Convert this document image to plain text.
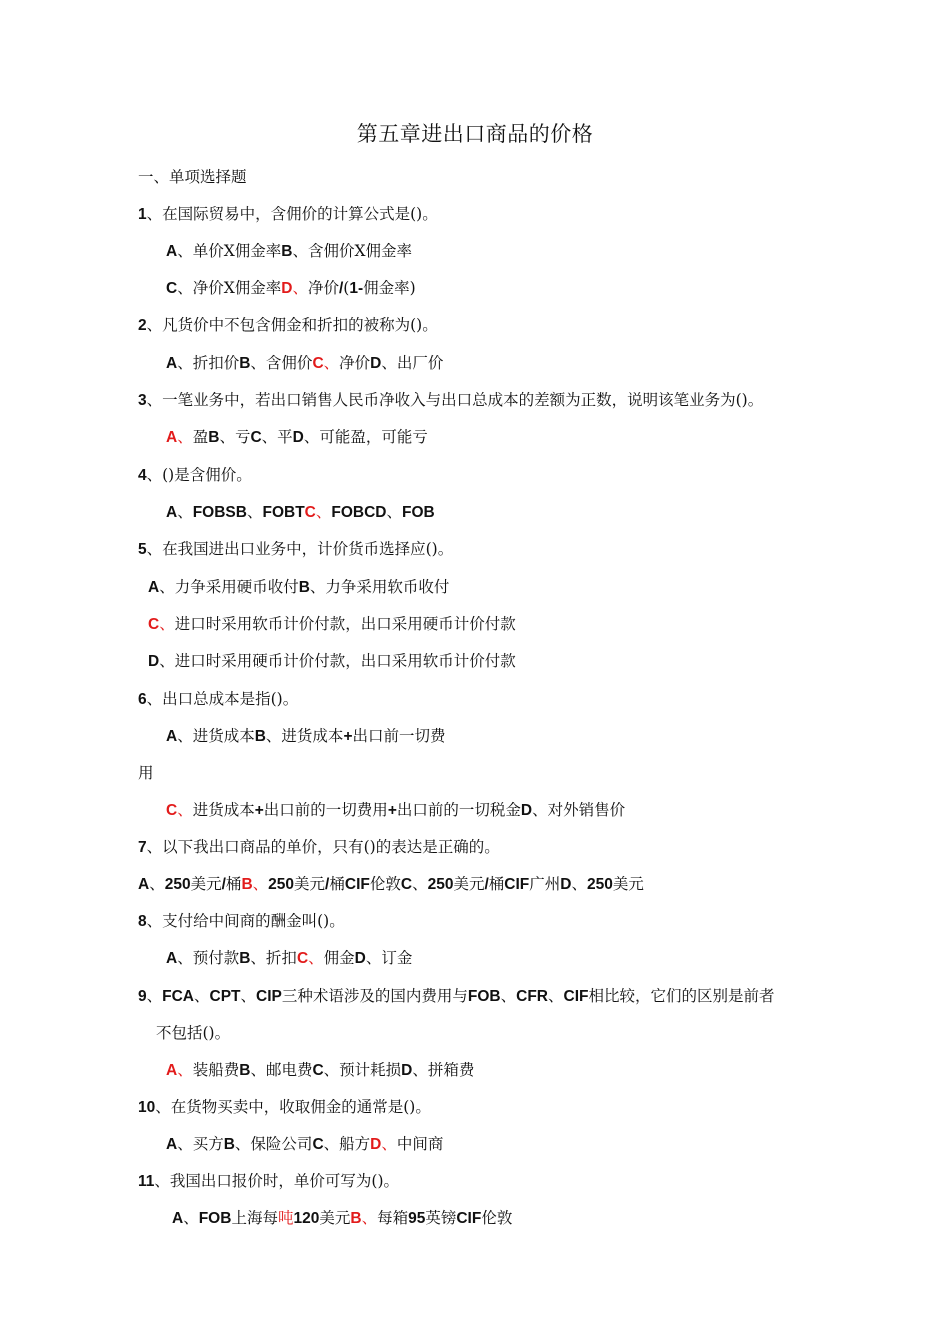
第五章进出口商品的价格
一、单项选择题
1、在国际贸易中，含佣价的计算公式是()。
A、单价X佣金率B、含佣价X佣金率
C、净价X佣金率D、净价/(1-佣金率)
2、凡货价中不包含佣金和折扣的被称为()。
A、折扣价B、含佣价C、净价D、出厂价
3、一笔业务中，若出口销售人民币净收入与出口总成本的差额为正数，说明该笔业务为()。
A、盈B、亏C、平D、可能盈，可能亏
4、()是含佣价。
A、FOBSB、FOBTC、FOBCD、FOB
5、在我国进出口业务中，计价货币选择应()。
A、力争采用硬币收付B、力争采用软币收付
C、进口时采用软币计价付款，出口采用硬币计价付款
D、进口时采用硬币计价付款，出口采用软币计价付款
6、出口总成本是指()。
A、进货成本B、进货成本+出口前一切费
用
C、进货成本+出口前的一切费用+出口前的一切税金D、对外销售价
7、以下我出口商品的单价，只有()的表达是正确的。
A、250美元/桶B、250美元/桶CIF伦敦C、250美元/桶CIF广州D、250美元
8、支付给中间商的酬金叫()。
A、预付款B、折扣C、佣金D、订金
9、FCA、CPT、CIP三种术语涉及的国内费用与FOB、CFR、CIF相比较，它们的区别是前者
不包括()。
A、装船费B、邮电费C、预计耗损D、拼箱费
10、在货物买卖中，收取佣金的通常是()。
A、买方B、保险公司C、船方D、中间商
11、我国出口报价时，单价可写为()。
A、FOB上海每吨120美元B、每箱95英镑CIF伦敦
